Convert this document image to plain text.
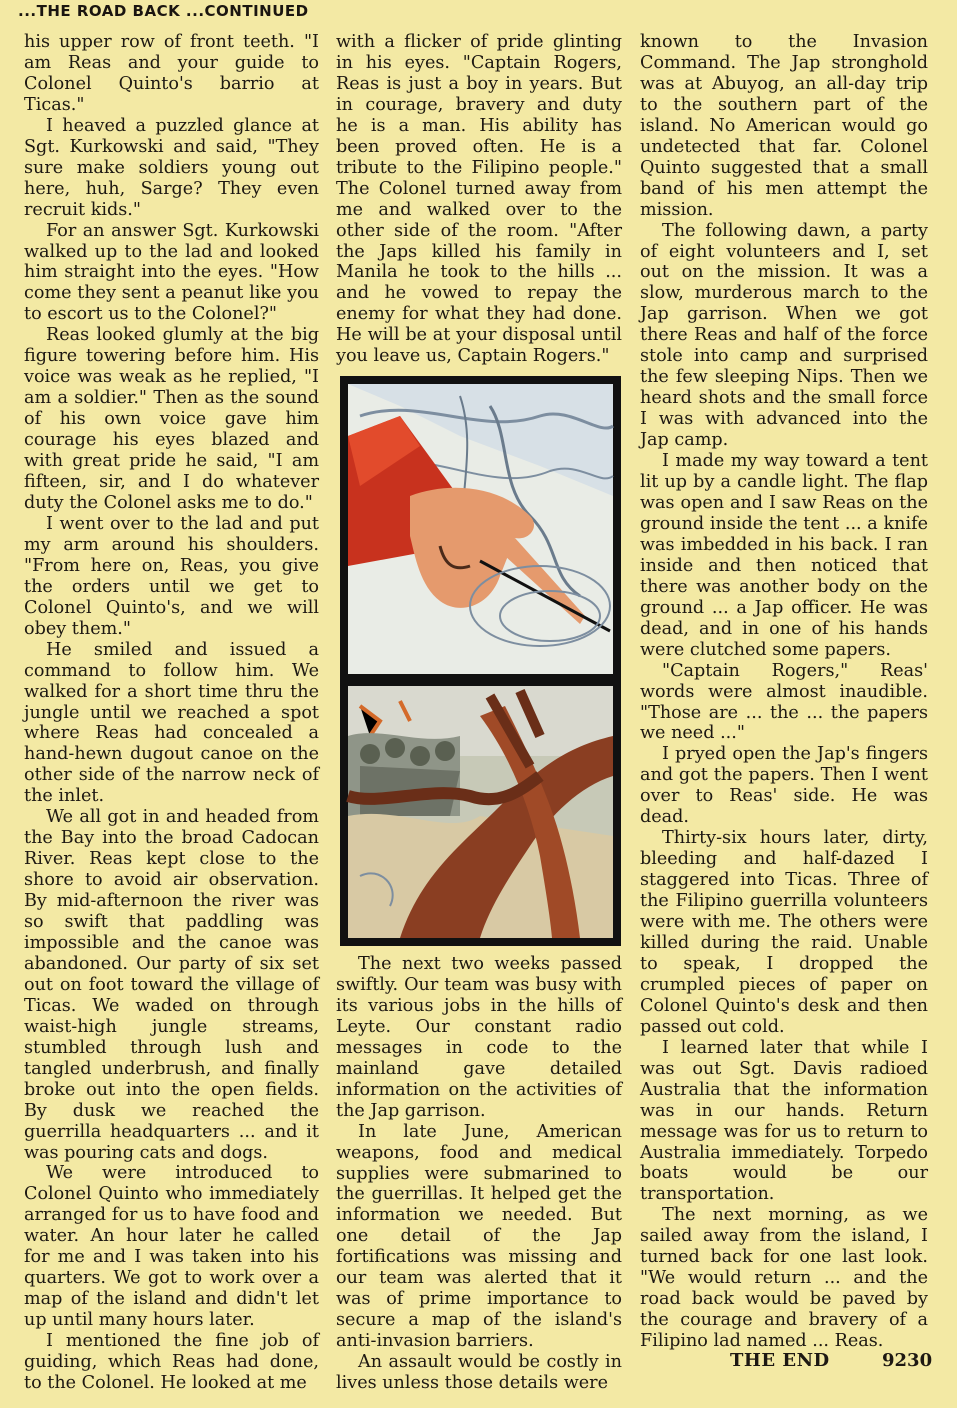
...THE ROAD BACK ...CONTINUED

his upper row of front teeth. "I am Reas and your guide to Colonel Quinto's barrio at Ticas."

I heaved a puzzled glance at Sgt. Kurkowski and said, "They sure make soldiers young out here, huh, Sarge? They even recruit kids."

For an answer Sgt. Kurkowski walked up to the lad and looked him straight into the eyes. "How come they sent a peanut like you to escort us to the Colonel?"

Reas looked glumly at the big figure towering before him. His voice was weak as he replied, "I am a soldier." Then as the sound of his own voice gave him courage his eyes blazed and with great pride he said, "I am fifteen, sir, and I do whatever duty the Colonel asks me to do."

I went over to the lad and put my arm around his shoulders. "From here on, Reas, you give the orders until we get to Colonel Quinto's, and we will obey them."

He smiled and issued a command to follow him. We walked for a short time thru the jungle until we reached a spot where Reas had concealed a hand-hewn dugout canoe on the other side of the narrow neck of the inlet.

We all got in and headed from the Bay into the broad Cadocan River. Reas kept close to the shore to avoid air observation. By mid-afternoon the river was so swift that paddling was impossible and the canoe was abandoned. Our party of six set out on foot toward the village of Ticas. We waded on through waist-high jungle streams, stumbled through lush and tangled underbrush, and finally broke out into the open fields. By dusk we reached the guerrilla headquarters ... and it was pouring cats and dogs.

We were introduced to Colonel Quinto who immediately arranged for us to have food and water. An hour later he called for me and I was taken into his quarters. We got to work over a map of the island and didn't let up until many hours later.

I mentioned the fine job of guiding, which Reas had done, to the Colonel. He looked at me

with a flicker of pride glinting in his eyes. "Captain Rogers, Reas is just a boy in years. But in courage, bravery and duty he is a man. His ability has been proved often. He is a tribute to the Filipino people." The Colonel turned away from me and walked over to the other side of the room. "After the Japs killed his family in Manila he took to the hills ... and he vowed to repay the enemy for what they had done. He will be at your disposal until you leave us, Captain Rogers."

The next two weeks passed swiftly. Our team was busy with its various jobs in the hills of Leyte. Our constant radio messages in code to the mainland gave detailed information on the activities of the Jap garrison.

In late June, American weapons, food and medical supplies were submarined to the guerrillas. It helped get the information we needed. But one detail of the Jap fortifications was missing and our team was alerted that it was of prime importance to secure a map of the island's anti-invasion barriers.

An assault would be costly in lives unless those details were

known to the Invasion Command. The Jap stronghold was at Abuyog, an all-day trip to the southern part of the island. No American would go undetected that far. Colonel Quinto suggested that a small band of his men attempt the mission.

The following dawn, a party of eight volunteers and I, set out on the mission. It was a slow, murderous march to the Jap garrison. When we got there Reas and half of the force stole into camp and surprised the few sleeping Nips. Then we heard shots and the small force I was with advanced into the Jap camp.

I made my way toward a tent lit up by a candle light. The flap was open and I saw Reas on the ground inside the tent ... a knife was imbedded in his back. I ran inside and then noticed that there was another body on the ground ... a Jap officer. He was dead, and in one of his hands were clutched some papers.

"Captain Rogers," Reas' words were almost inaudible. "Those are ... the ... the papers we need ..."

I pryed open the Jap's fingers and got the papers. Then I went over to Reas' side. He was dead.

Thirty-six hours later, dirty, bleeding and half-dazed I staggered into Ticas. Three of the Filipino guerrilla volunteers were with me. The others were killed during the raid. Unable to speak, I dropped the crumpled pieces of paper on Colonel Quinto's desk and then passed out cold.

I learned later that while I was out Sgt. Davis radioed Australia that the information was in our hands. Return message was for us to return to Australia immediately. Torpedo boats would be our transportation.

The next morning, as we sailed away from the island, I turned back for one last look. "We would return ... and the road back would be paved by the courage and bravery of a Filipino lad named ... Reas.

THE END	9230
